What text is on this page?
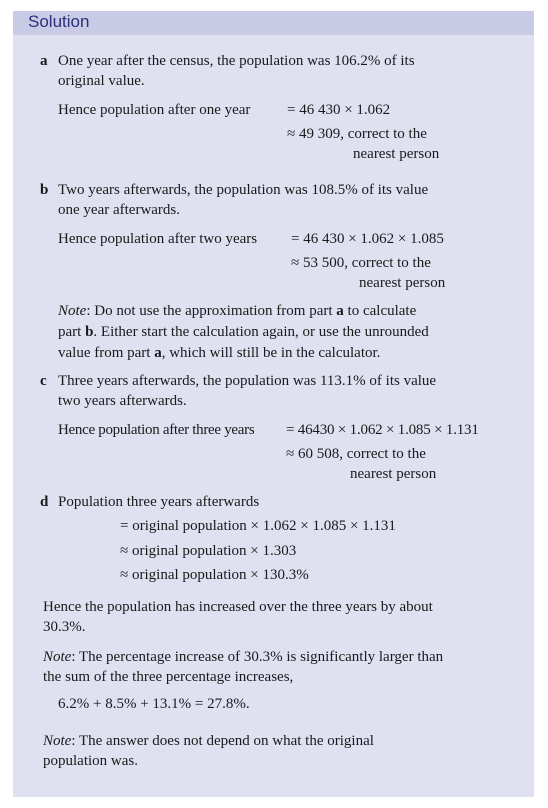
Solution
a One year after the census, the population was 106.2% of its
original value.
Hence population after one year = 46 430 × 1.062
≈ 49 309, correct to the
nearest person
b Two years afterwards, the population was 108.5% of its value
one year afterwards.
Hence population after two years = 46 430 × 1.062 × 1.085
≈ 53 500, correct to the
nearest person
Note: Do not use the approximation from part a to calculate
part b. Either start the calculation again, or use the unrounded
value from part a, which will still be in the calculator.
c Three years afterwards, the population was 113.1% of its value
two years afterwards.
Hence population after three years = 46430 × 1.062 × 1.085 × 1.131
≈ 60 508, correct to the
nearest person
d Population three years afterwards
= original population × 1.062 × 1.085 × 1.131
≈ original population × 1.303
≈ original population × 130.3%
Hence the population has increased over the three years by about
30.3%.
Note: The percentage increase of 30.3% is significantly larger than
the sum of the three percentage increases,
6.2% + 8.5% + 13.1% = 27.8%.
Note: The answer does not depend on what the original
population was.
